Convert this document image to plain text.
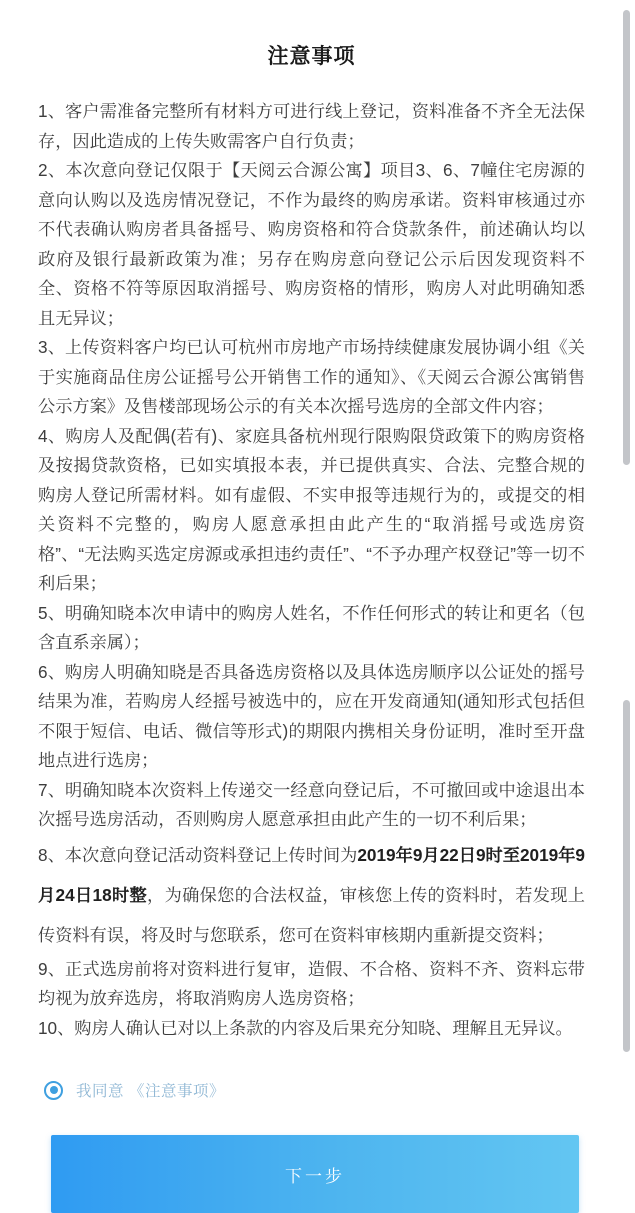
注意事项

1、客户需准备完整所有材料方可进行线上登记，资料准备不齐全无法保存，因此造成的上传失败需客户自行负责；

2、本次意向登记仅限于【天阅云合源公寓】项目3、6、7幢住宅房源的意向认购以及选房情况登记，不作为最终的购房承诺。资料审核通过亦不代表确认购房者具备摇号、购房资格和符合贷款条件，前述确认均以政府及银行最新政策为准；另存在购房意向登记公示后因发现资料不全、资格不符等原因取消摇号、购房资格的情形，购房人对此明确知悉且无异议；

3、上传资料客户均已认可杭州市房地产市场持续健康发展协调小组《关于实施商品住房公证摇号公开销售工作的通知》、《天阅云合源公寓销售公示方案》及售楼部现场公示的有关本次摇号选房的全部文件内容；

4、购房人及配偶(若有)、家庭具备杭州现行限购限贷政策下的购房资格及按揭贷款资格，已如实填报本表，并已提供真实、合法、完整合规的购房人登记所需材料。如有虚假、不实申报等违规行为的，或提交的相关资料不完整的，购房人愿意承担由此产生的“取消摇号或选房资格”、“无法购买选定房源或承担违约责任”、“不予办理产权登记”等一切不利后果；

5、明确知晓本次申请中的购房人姓名，不作任何形式的转让和更名（包含直系亲属）；

6、购房人明确知晓是否具备选房资格以及具体选房顺序以公证处的摇号结果为准，若购房人经摇号被选中的，应在开发商通知(通知形式包括但不限于短信、电话、微信等形式)的期限内携相关身份证明，准时至开盘地点进行选房；

7、明确知晓本次资料上传递交一经意向登记后，不可撤回或中途退出本次摇号选房活动，否则购房人愿意承担由此产生的一切不利后果；

8、本次意向登记活动资料登记上传时间为2019年9月22日9时至2019年9月24日18时整，为确保您的合法权益，审核您上传的资料时，若发现上传资料有误，将及时与您联系，您可在资料审核期内重新提交资料；

9、正式选房前将对资料进行复审，造假、不合格、资料不齐、资料忘带均视为放弃选房，将取消购房人选房资格；

10、购房人确认已对以上条款的内容及后果充分知晓、理解且无异议。

我同意 《注意事项》
下一步
